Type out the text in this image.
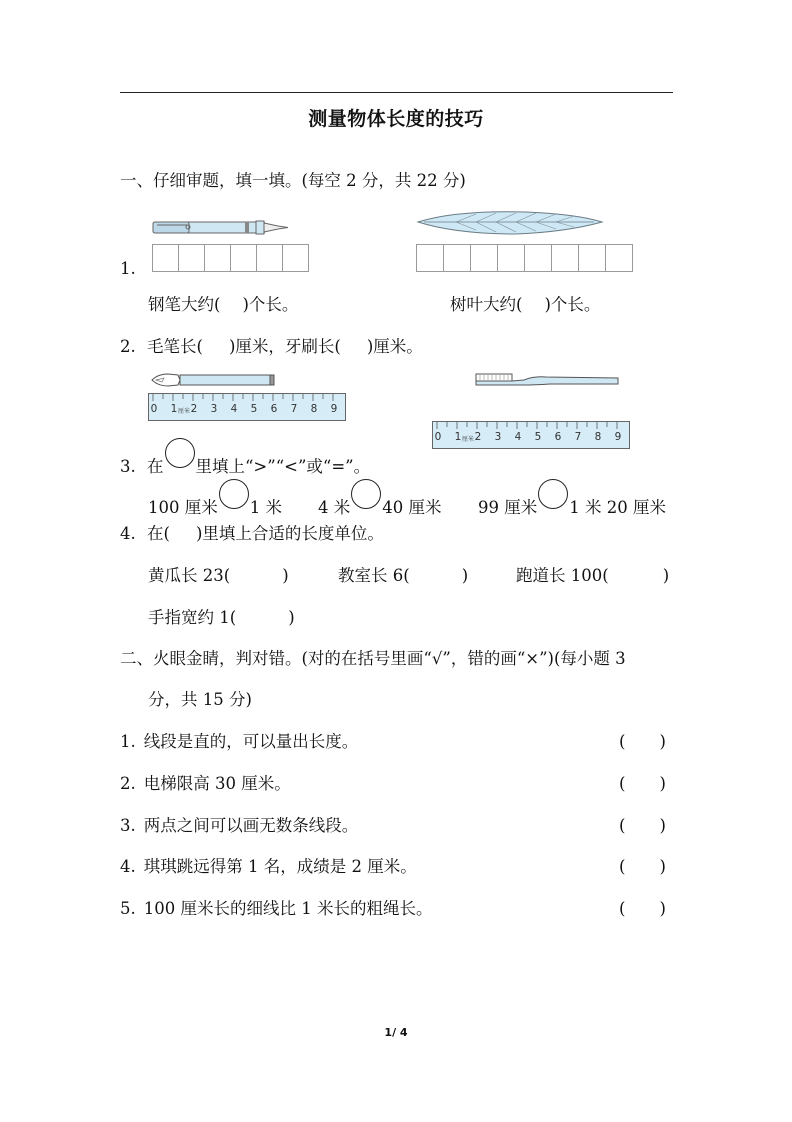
测量物体长度的技巧
一、仔细审题，填一填。(每空 2 分，共 22 分)
1.
钢笔大约( )个长。	树叶大约( )个长。
2. 毛笔长( )厘米，牙刷长( )厘米。
0 1 厘米 2 3 4 5 6 7 8 9
0 1 厘米 2 3 4 5 6 7 8 9
3. 在 里填上“>”“<”或“=”。
100 厘米 1 米 4 米 40 厘米 99 厘米 1 米 20 厘米
4. 在( )里填上合适的长度单位。
黄瓜长 23(	)	教室长 6(	)	跑道长 100(	)
手指宽约 1(	)
二、火眼金睛，判对错。(对的在括号里画“√”，错的画“×”)(每小题 3
分，共 15 分)
1. 线段是直的，可以量出长度。	( )
2. 电梯限高 30 厘米。	( )
3. 两点之间可以画无数条线段。	( )
4. 琪琪跳远得第 1 名，成绩是 2 厘米。	( )
5. 100 厘米长的细线比 1 米长的粗绳长。	( )
1/ 4
